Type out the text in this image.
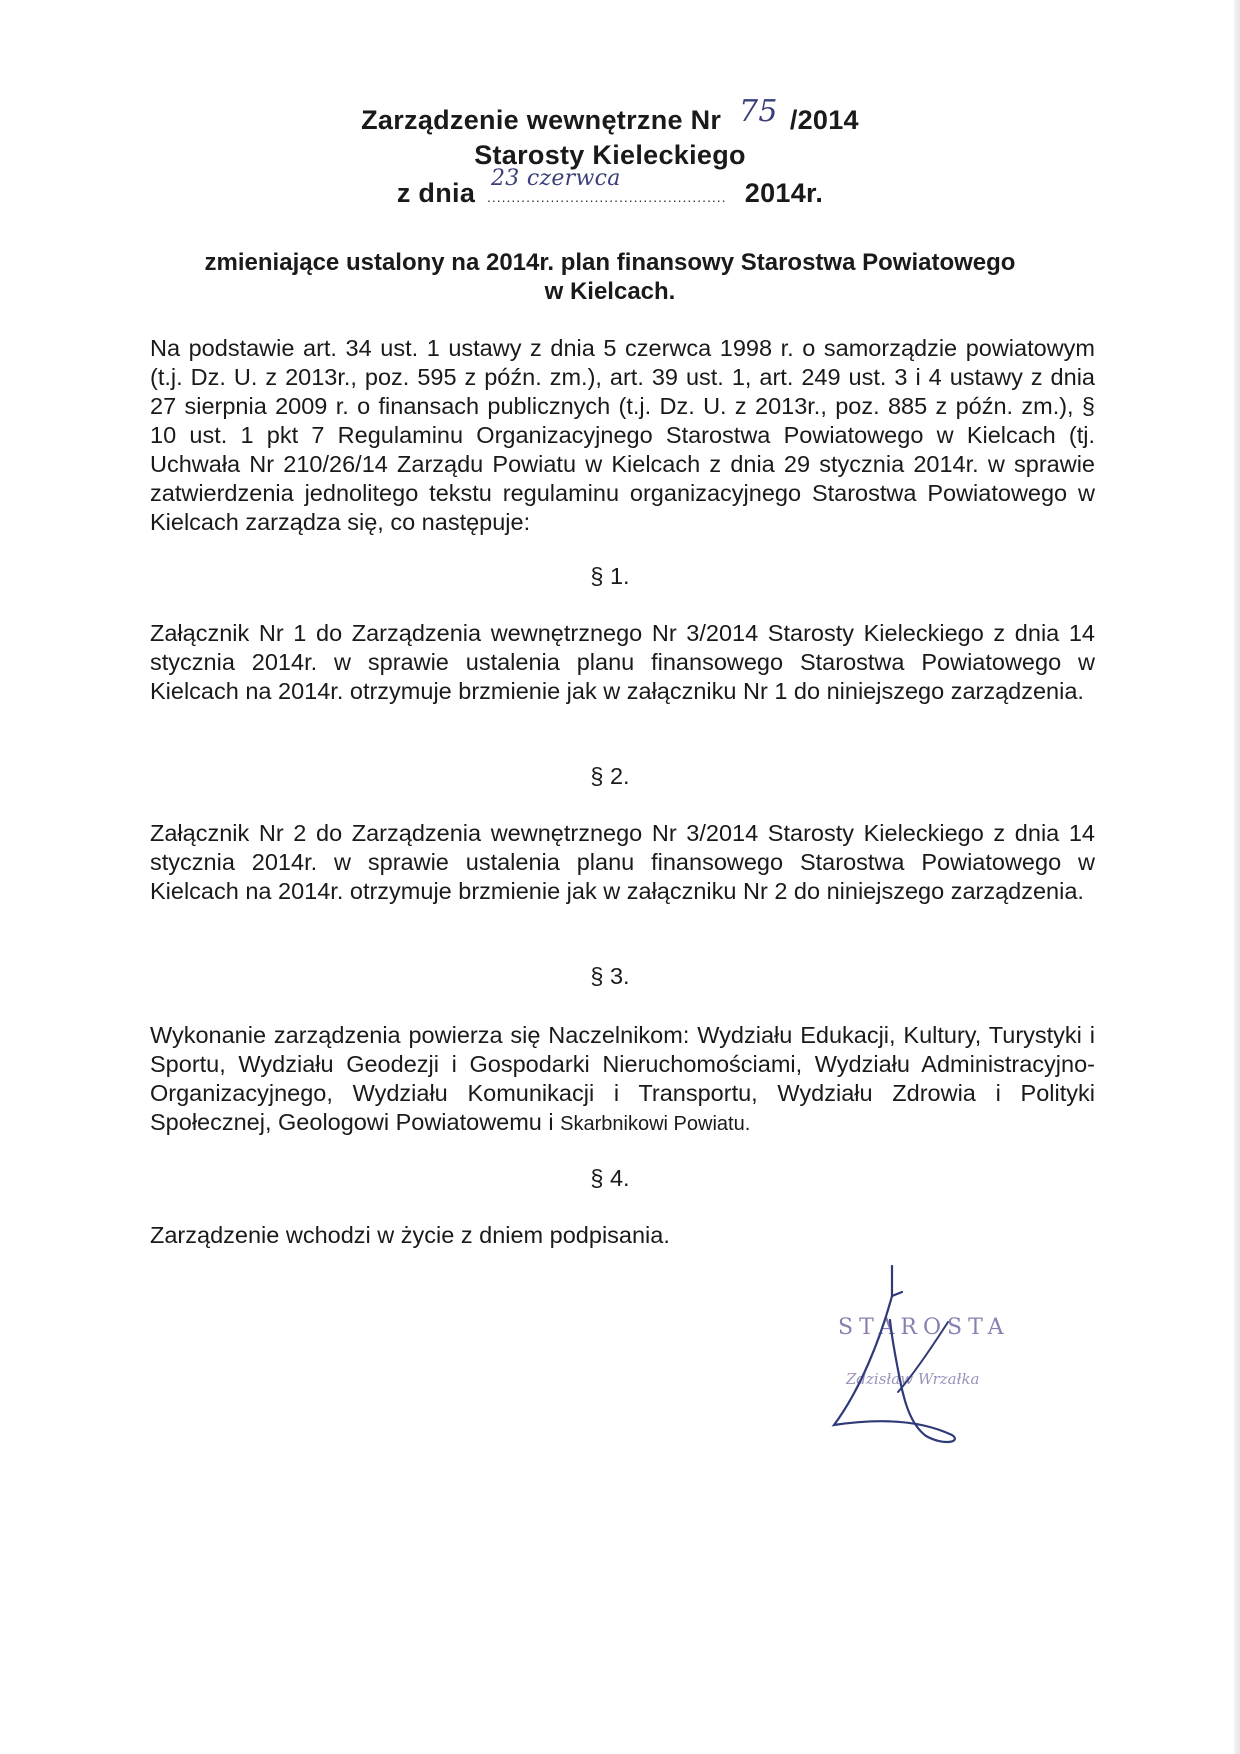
Zarządzenie wewnętrzne Nr 75 /2014
Starosty Kieleckiego
z dnia 23 czerwca
................................................. 2014r.
zmieniające ustalony na 2014r. plan finansowy Starostwa Powiatowego
w Kielcach.
Na podstawie art. 34 ust. 1 ustawy z dnia 5 czerwca 1998 r. o samorządzie powiatowym (t.j. Dz. U. z 2013r., poz. 595 z późn. zm.), art. 39 ust. 1, art. 249 ust. 3 i 4 ustawy z dnia 27 sierpnia 2009 r. o finansach publicznych (t.j. Dz. U. z 2013r., poz. 885 z późn. zm.), § 10 ust. 1 pkt 7 Regulaminu Organizacyjnego Starostwa Powiatowego w Kielcach (tj. Uchwała Nr 210/26/14 Zarządu Powiatu w Kielcach z dnia 29 stycznia 2014r. w sprawie zatwierdzenia jednolitego tekstu regulaminu organizacyjnego Starostwa Powiatowego w Kielcach zarządza się, co następuje:
§ 1.
Załącznik Nr 1 do Zarządzenia wewnętrznego Nr 3/2014 Starosty Kieleckiego z dnia 14 stycznia 2014r. w sprawie ustalenia planu finansowego Starostwa Powiatowego w Kielcach na 2014r. otrzymuje brzmienie jak w załączniku Nr 1 do niniejszego zarządzenia.
§ 2.
Załącznik Nr 2 do Zarządzenia wewnętrznego Nr 3/2014 Starosty Kieleckiego z dnia 14 stycznia 2014r. w sprawie ustalenia planu finansowego Starostwa Powiatowego w Kielcach na 2014r. otrzymuje brzmienie jak w załączniku Nr 2 do niniejszego zarządzenia.
§ 3.
Wykonanie zarządzenia powierza się Naczelnikom: Wydziału Edukacji, Kultury, Turystyki i Sportu, Wydziału Geodezji i Gospodarki Nieruchomościami, Wydziału Administracyjno-Organizacyjnego, Wydziału Komunikacji i Transportu, Wydziału Zdrowia i Polityki Społecznej, Geologowi Powiatowemu i Skarbnikowi Powiatu.
§ 4.
Zarządzenie wchodzi w życie z dniem podpisania.
STAROSTA
Zdzisław Wrzałka
